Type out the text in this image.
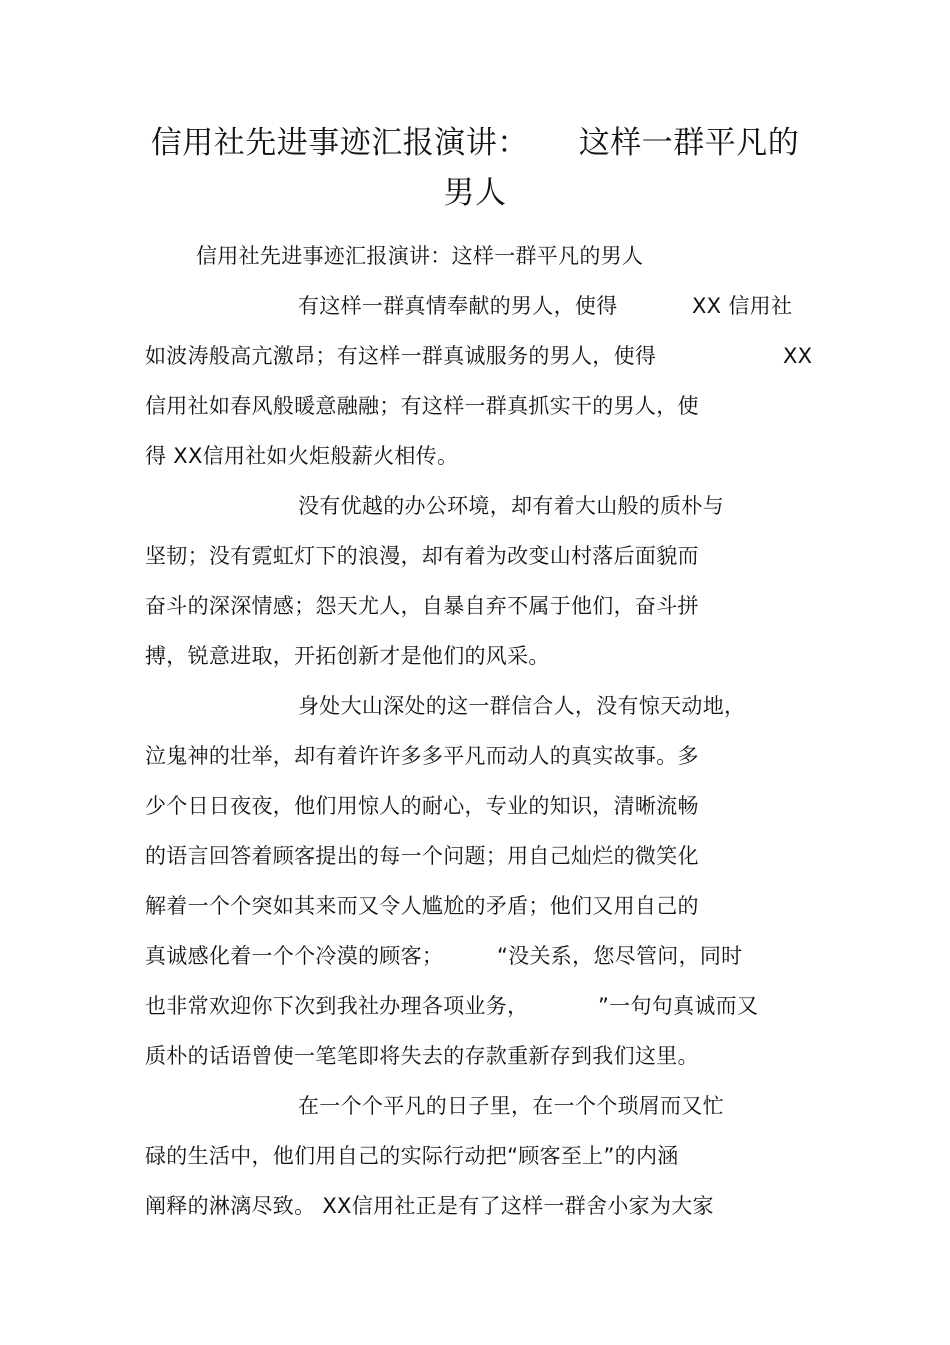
信用社先进事迹汇报演讲： 这样一群平凡的
男人
信用社先进事迹汇报演讲：这样一群平凡的男人
有这样一群真情奉献的男人，使得	XX 信用社
如波涛般高亢激昂；有这样一群真诚服务的男人，使得	XX
信用社如春风般暖意融融；有这样一群真抓实干的男人，使
得 XX信用社如火炬般薪火相传。
没有优越的办公环境，却有着大山般的质朴与
坚韧；没有霓虹灯下的浪漫，却有着为改变山村落后面貌而
奋斗的深深情感；怨天尤人，自暴自弃不属于他们，奋斗拼
搏，锐意进取，开拓创新才是他们的风采。
身处大山深处的这一群信合人，没有惊天动地，
泣鬼神的壮举，却有着许许多多平凡而动人的真实故事。多
少个日日夜夜，他们用惊人的耐心，专业的知识，清晰流畅
的语言回答着顾客提出的每一个问题；用自己灿烂的微笑化
解着一个个突如其来而又令人尴尬的矛盾；他们又用自己的
真诚感化着一个个冷漠的顾客；	“没关系，您尽管问，同时
也非常欢迎你下次到我社办理各项业务，	”一句句真诚而又
质朴的话语曾使一笔笔即将失去的存款重新存到我们这里。
在一个个平凡的日子里，在一个个琐屑而又忙
碌的生活中，他们用自己的实际行动把“顾客至上”的内涵
阐释的淋漓尽致。 XX信用社正是有了这样一群舍小家为大家
